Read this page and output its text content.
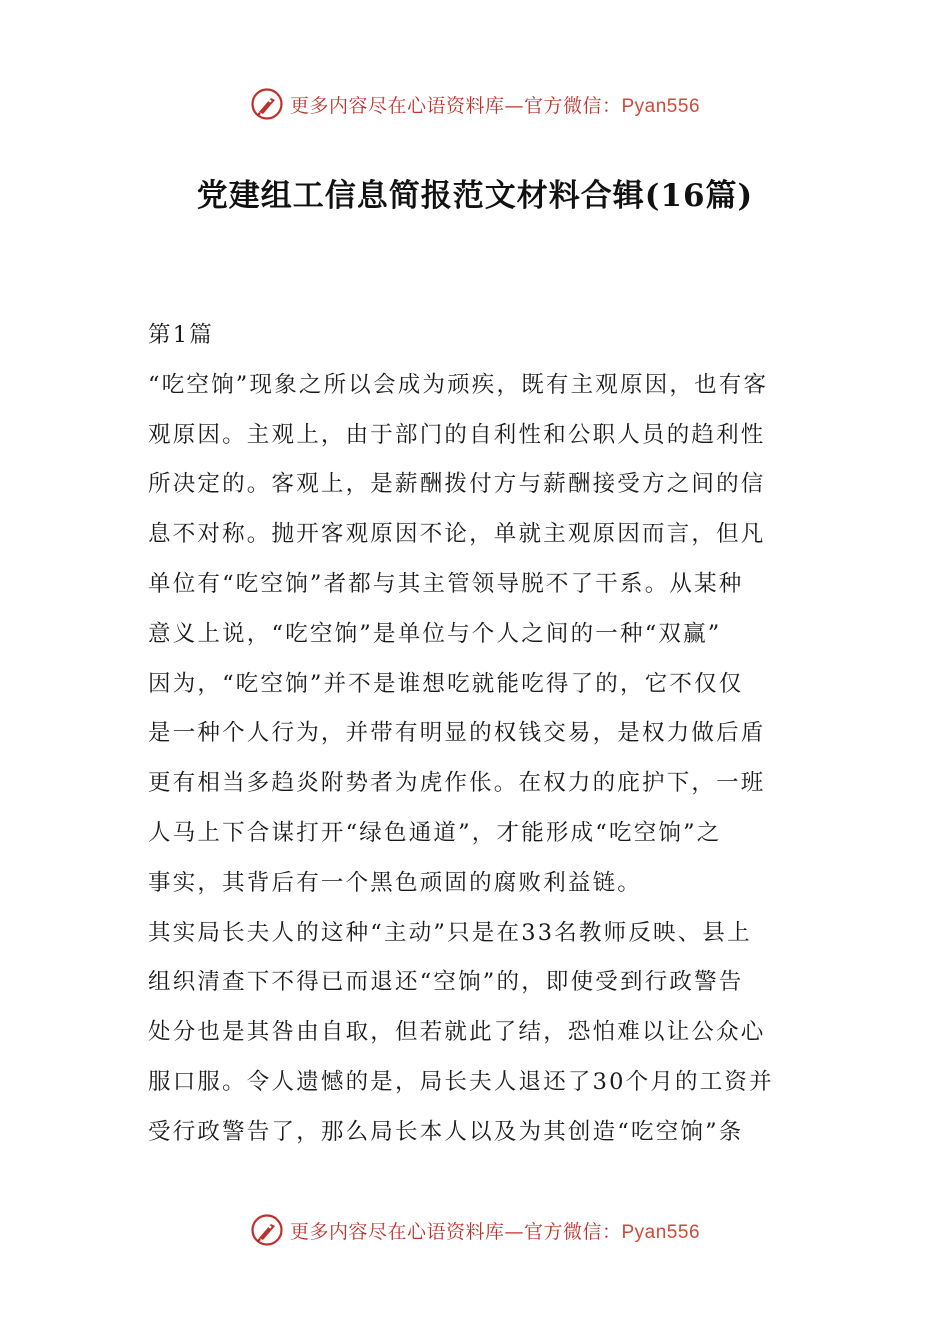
更多内容尽在心语资料库—官方微信：Pyan556
党建组工信息简报范文材料合辑(16篇)

第1篇

“吃空饷”现象之所以会成为顽疾，既有主观原因，也有客

观原因。主观上，由于部门的自利性和公职人员的趋利性

所决定的。客观上，是薪酬拨付方与薪酬接受方之间的信

息不对称。抛开客观原因不论，单就主观原因而言，但凡

单位有“吃空饷”者都与其主管领导脱不了干系。从某种

意义上说，“吃空饷”是单位与个人之间的一种“双赢”

因为，“吃空饷”并不是谁想吃就能吃得了的，它不仅仅

是一种个人行为，并带有明显的权钱交易，是权力做后盾

更有相当多趋炎附势者为虎作伥。在权力的庇护下，一班

人马上下合谋打开“绿色通道”，才能形成“吃空饷”之

事实，其背后有一个黑色顽固的腐败利益链。

其实局长夫人的这种“主动”只是在33名教师反映、县上

组织清查下不得已而退还“空饷”的，即使受到行政警告

处分也是其咎由自取，但若就此了结，恐怕难以让公众心

服口服。令人遗憾的是，局长夫人退还了30个月的工资并

受行政警告了，那么局长本人以及为其创造“吃空饷”条

更多内容尽在心语资料库—官方微信：Pyan556
